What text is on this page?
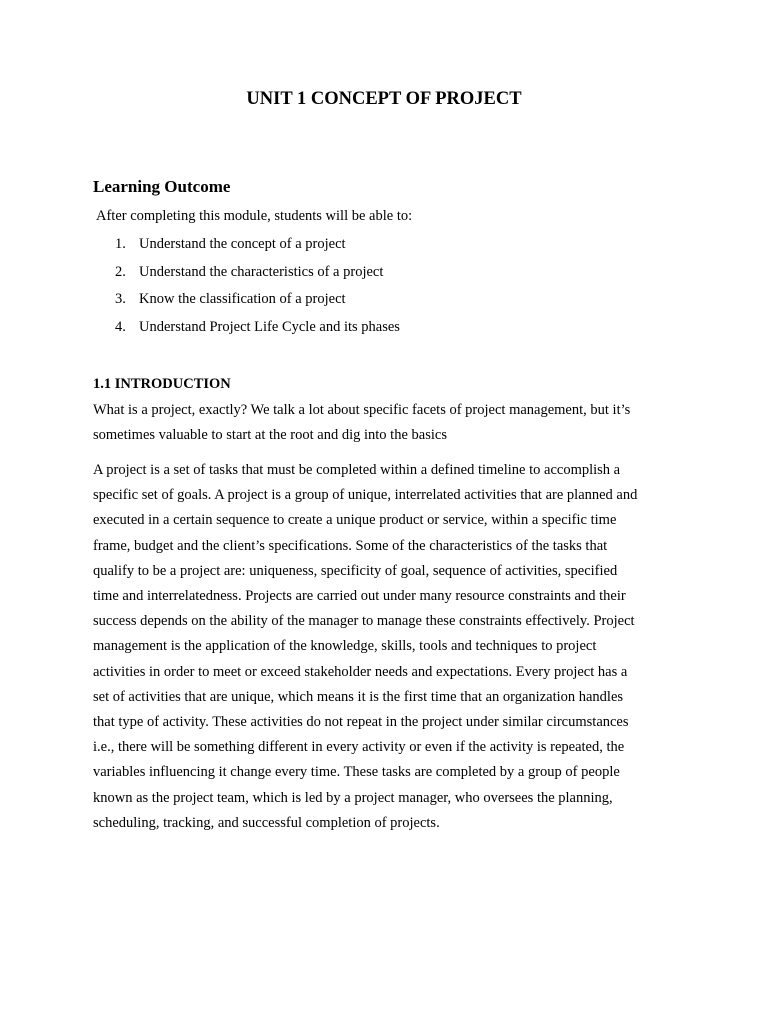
UNIT 1 CONCEPT OF PROJECT
Learning Outcome

After completing this module, students will be able to:

1. Understand the concept of a project
2. Understand the characteristics of a project
3. Know the classification of a project
4. Understand Project Life Cycle and its phases
1.1 INTRODUCTION

What is a project, exactly? We talk a lot about specific facets of project management, but it’s
sometimes valuable to start at the root and dig into the basics

A project is a set of tasks that must be completed within a defined timeline to accomplish a
specific set of goals. A project is a group of unique, interrelated activities that are planned and
executed in a certain sequence to create a unique product or service, within a specific time
frame, budget and the client’s specifications. Some of the characteristics of the tasks that
qualify to be a project are: uniqueness, specificity of goal, sequence of activities, specified
time and interrelatedness. Projects are carried out under many resource constraints and their
success depends on the ability of the manager to manage these constraints effectively. Project
management is the application of the knowledge, skills, tools and techniques to project
activities in order to meet or exceed stakeholder needs and expectations. Every project has a
set of activities that are unique, which means it is the first time that an organization handles
that type of activity. These activities do not repeat in the project under similar circumstances
i.e., there will be something different in every activity or even if the activity is repeated, the
variables influencing it change every time. These tasks are completed by a group of people
known as the project team, which is led by a project manager, who oversees the planning,
scheduling, tracking, and successful completion of projects.
